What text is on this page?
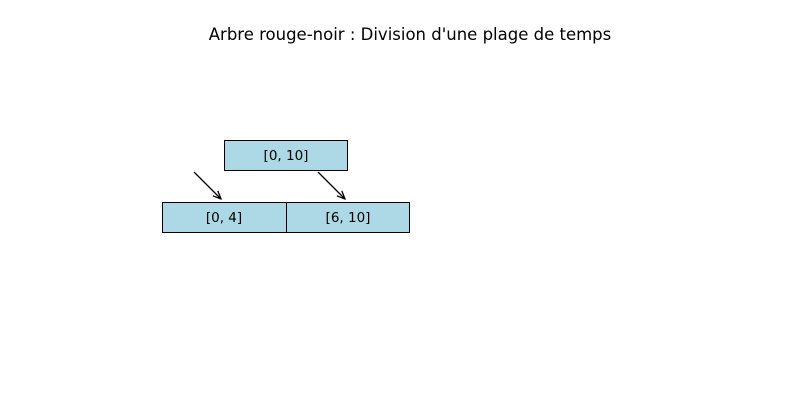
Arbre rouge-noir : Division d'une plage de temps
[0, 10]
[0, 4]	[6, 10]
